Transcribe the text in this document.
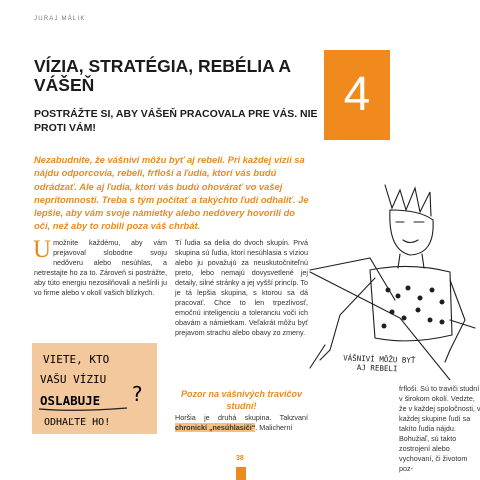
JURAJ MÁLIK
VÍZIA, STRATÉGIA, REBÉLIA A VÁŠEŇ
POSTRÁŽTE SI, ABY VÁŠEŇ PRACOVALA PRE VÁS. NIE PROTI VÁM!
4

Nezabudnite, že vášniví môžu byť aj rebeli. Pri každej vízii sa nájdu odporcovia, rebeli, frfloši a ľudia, ktorí vás budú odrádzať. Ale aj ľudia, ktorí vás budú ohovárať vo vašej neprítomnosti. Treba s tým počítať a takýchto ľudí odhaliť. Je lepšie, aby vám svoje námietky alebo nedôvery hovorili do očí, než aby to robili poza váš chrbát.

Umožnite každému, aby vám prejavoval slobodne svoju nedôveru alebo nesúhlas, a netrestajte ho za to. Zároveň si postrážte, aby túto energiu nezosilňovali a nešírili ju vo firme alebo v okolí vašich blízkych.

Tí ľudia sa delia do dvoch skupín. Prvá skupina sú ľudia, ktorí nesúhlasia s víziou alebo ju považujú za neuskutočniteľnú preto, lebo nemajú dovysvetlené jej detaily, silné stránky a jej vyšší princíp. To je tá lepšia skupina, s ktorou sa dá pracovať. Chce to len trpezlivosť, emočnú inteligenciu a toleranciu voči ich obavám a námietkam. Veľakrát môžu byť prejavom strachu alebo obavy zo zmeny.

VIETE, KTO
VAŠU VÍZIU
OSLABUJE ?
ODHAĽTE HO!

Pozor na vášnivých travičov studní!

Horšia je druhá skupina. Takzvaní chronickí „nesúhlasiči“. Malicherní

frfloši. Sú to traviči studní v širokom okolí. Vedzte, že v každej spoločnosti, v každej skupine ľudí sa takíto ľudia nájdu. Bohužiaľ, sú takto zostrojení alebo vychovaní, či životom poz-

VÁŠNIVÍ MÔŽU BYŤ
AJ REBELI
38
